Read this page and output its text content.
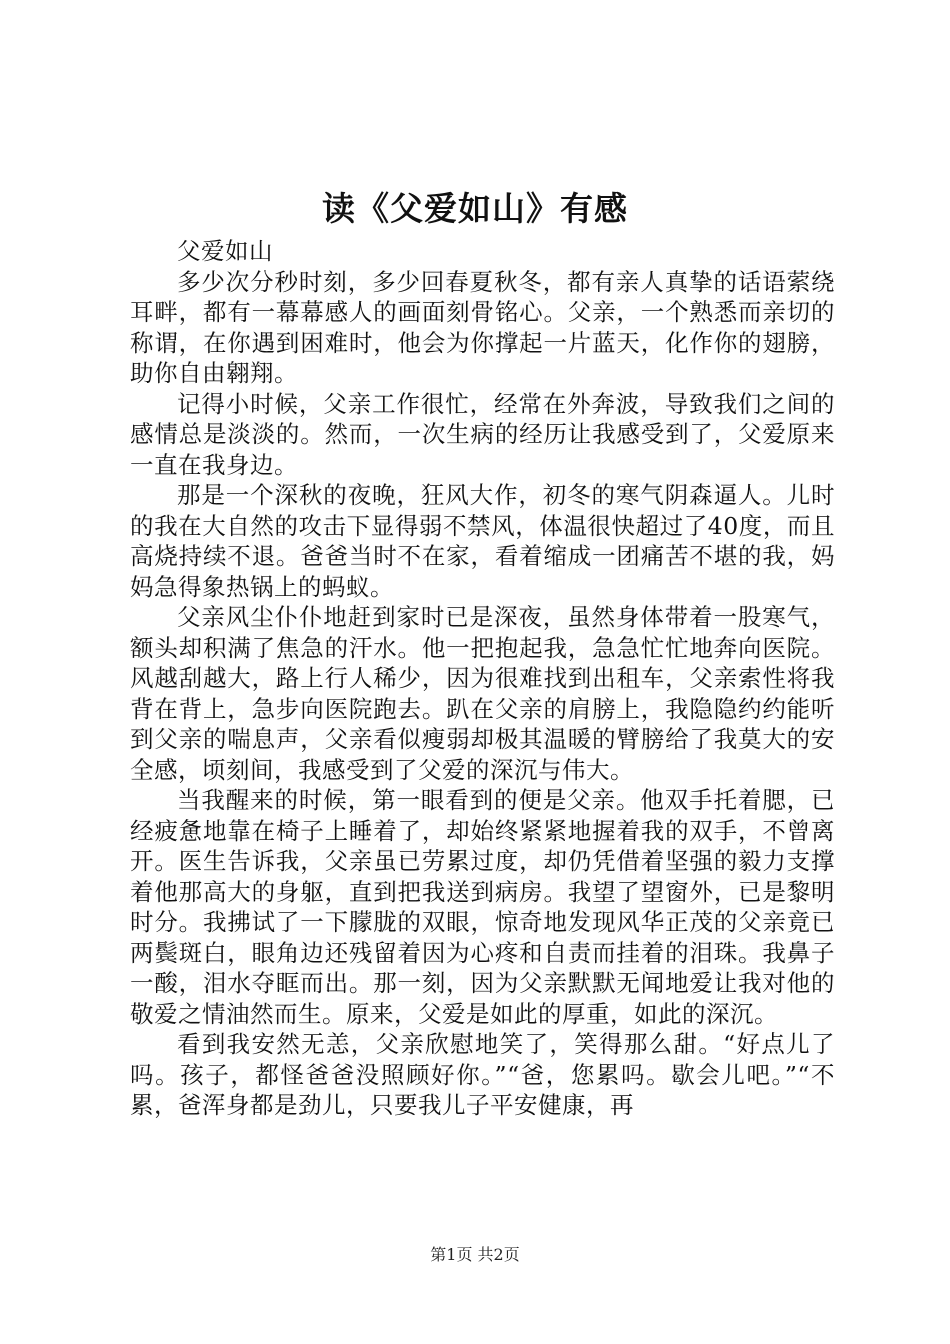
读《父爱如山》有感

父爱如山

多少次分秒时刻，多少回春夏秋冬，都有亲人真挚的话语萦绕耳畔，都有一幕幕感人的画面刻骨铭心。父亲，一个熟悉而亲切的称谓，在你遇到困难时，他会为你撑起一片蓝天，化作你的翅膀，助你自由翱翔。

记得小时候，父亲工作很忙，经常在外奔波，导致我们之间的感情总是淡淡的。然而，一次生病的经历让我感受到了，父爱原来一直在我身边。

那是一个深秋的夜晚，狂风大作，初冬的寒气阴森逼人。儿时的我在大自然的攻击下显得弱不禁风，体温很快超过了40度，而且高烧持续不退。爸爸当时不在家，看着缩成一团痛苦不堪的我，妈妈急得象热锅上的蚂蚁。

父亲风尘仆仆地赶到家时已是深夜，虽然身体带着一股寒气，额头却积满了焦急的汗水。他一把抱起我，急急忙忙地奔向医院。风越刮越大，路上行人稀少，因为很难找到出租车，父亲索性将我背在背上，急步向医院跑去。趴在父亲的肩膀上，我隐隐约约能听到父亲的喘息声，父亲看似瘦弱却极其温暖的臂膀给了我莫大的安全感，顷刻间，我感受到了父爱的深沉与伟大。

当我醒来的时候，第一眼看到的便是父亲。他双手托着腮，已经疲惫地靠在椅子上睡着了，却始终紧紧地握着我的双手，不曾离开。医生告诉我，父亲虽已劳累过度，却仍凭借着坚强的毅力支撑着他那高大的身躯，直到把我送到病房。我望了望窗外，已是黎明时分。我拂试了一下朦胧的双眼，惊奇地发现风华正茂的父亲竟已两鬓斑白，眼角边还残留着因为心疼和自责而挂着的泪珠。我鼻子一酸，泪水夺眶而出。那一刻，因为父亲默默无闻地爱让我对他的敬爱之情油然而生。原来，父爱是如此的厚重，如此的深沉。

看到我安然无恙，父亲欣慰地笑了，笑得那么甜。“好点儿了吗。孩子，都怪爸爸没照顾好你。”“爸，您累吗。歇会儿吧。”“不累，爸浑身都是劲儿，只要我儿子平安健康，再

第1页 共2页
